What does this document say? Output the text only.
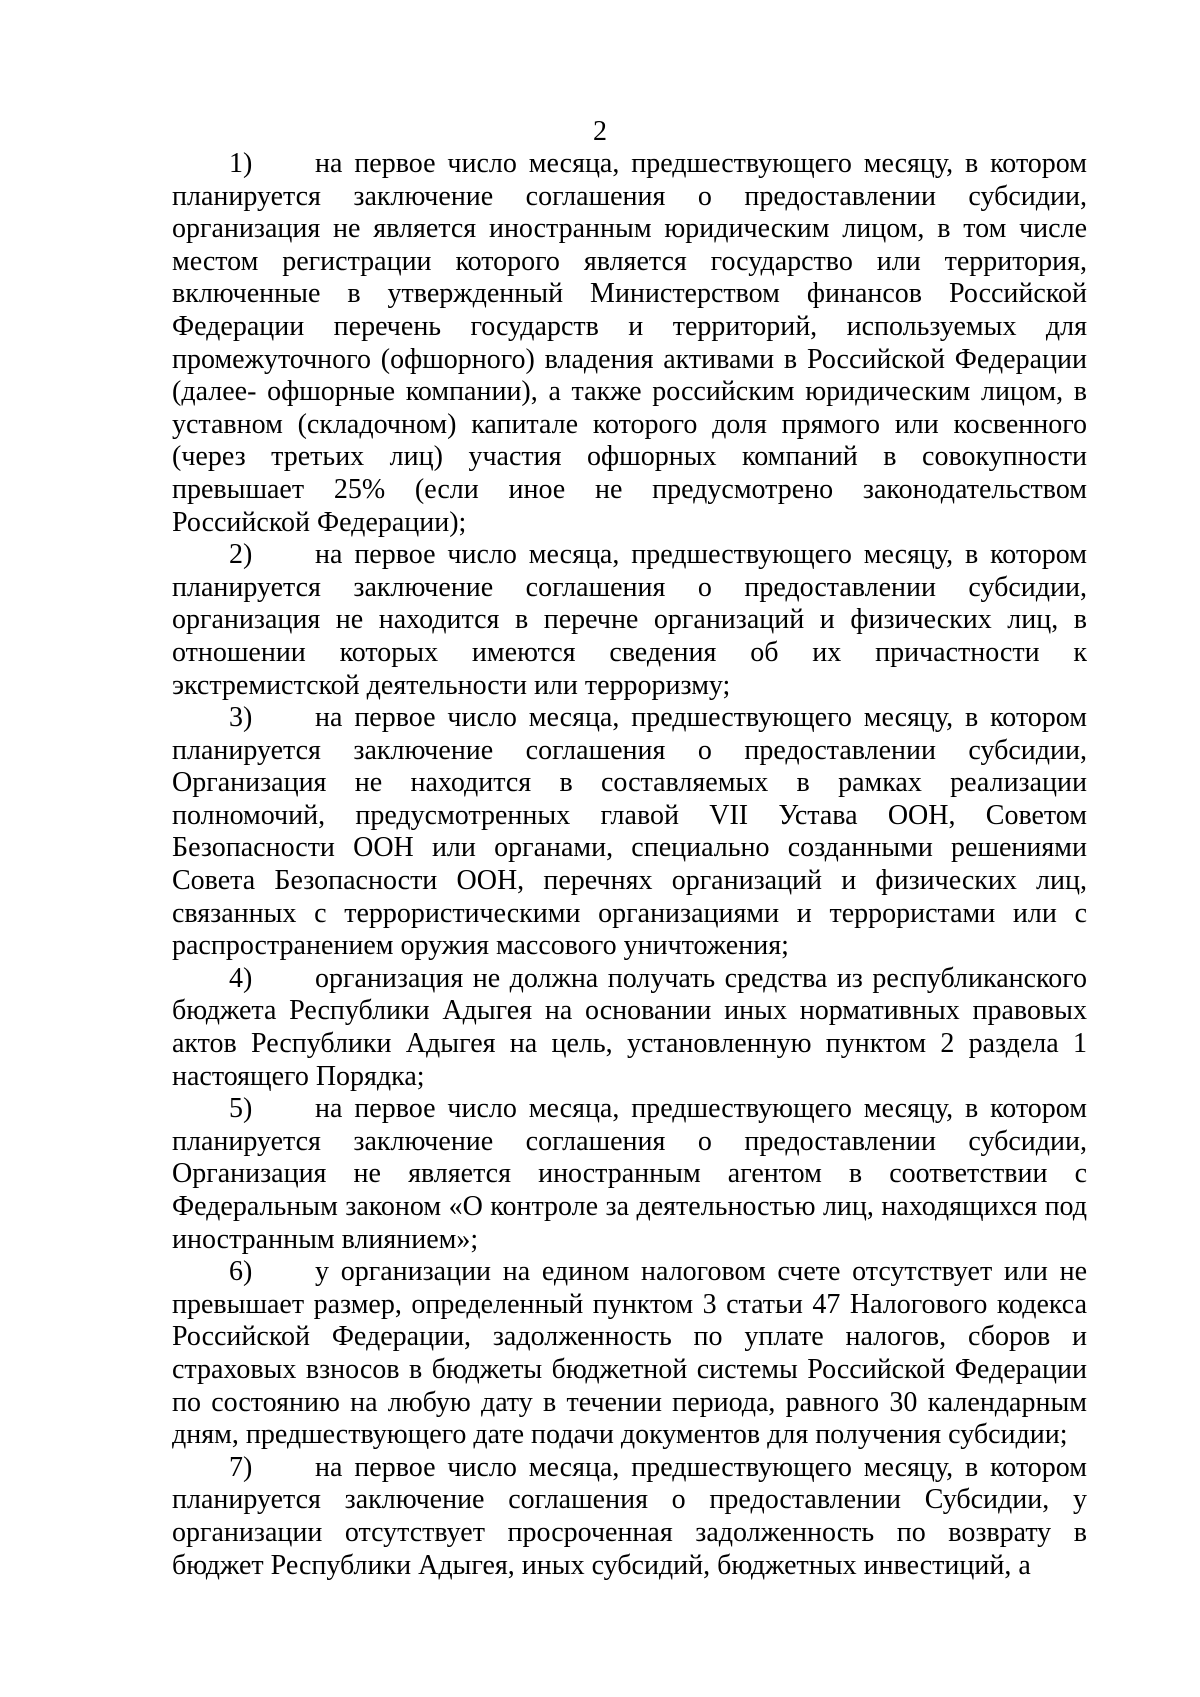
2

1) на первое число месяца, предшествующего месяцу, в котором планируется заключение соглашения о предоставлении субсидии, организация не является иностранным юридическим лицом, в том числе местом регистрации которого является государство или территория, включенные в утвержденный Министерством финансов Российской Федерации перечень государств и территорий, используемых для промежуточного (офшорного) владения активами в Российской Федерации (далее- офшорные компании), а также российским юридическим лицом, в уставном (складочном) капитале которого доля прямого или косвенного (через третьих лиц) участия офшорных компаний в совокупности превышает 25% (если иное не предусмотрено законодательством Российской Федерации);

2) на первое число месяца, предшествующего месяцу, в котором планируется заключение соглашения о предоставлении субсидии, организация не находится в перечне организаций и физических лиц, в отношении которых имеются сведения об их причастности к экстремистской деятельности или терроризму;

3) на первое число месяца, предшествующего месяцу, в котором планируется заключение соглашения о предоставлении субсидии, Организация не находится в составляемых в рамках реализации полномочий, предусмотренных главой VII Устава ООН, Советом Безопасности ООН или органами, специально созданными решениями Совета Безопасности ООН, перечнях организаций и физических лиц, связанных с террористическими организациями и террористами или с распространением оружия массового уничтожения;

4) организация не должна получать средства из республиканского бюджета Республики Адыгея на основании иных нормативных правовых актов Республики Адыгея на цель, установленную пунктом 2 раздела 1 настоящего Порядка;

5) на первое число месяца, предшествующего месяцу, в котором планируется заключение соглашения о предоставлении субсидии, Организация не является иностранным агентом в соответствии с Федеральным законом «О контроле за деятельностью лиц, находящихся под иностранным влиянием»;

6) у организации на едином налоговом счете отсутствует или не превышает размер, определенный пунктом 3 статьи 47 Налогового кодекса Российской Федерации, задолженность по уплате налогов, сборов и страховых взносов в бюджеты бюджетной системы Российской Федерации по состоянию на любую дату в течении периода, равного 30 календарным дням, предшествующего дате подачи документов для получения субсидии;

7) на первое число месяца, предшествующего месяцу, в котором планируется заключение соглашения о предоставлении Субсидии, у организации отсутствует просроченная задолженность по возврату в бюджет Республики Адыгея, иных субсидий, бюджетных инвестиций, а
